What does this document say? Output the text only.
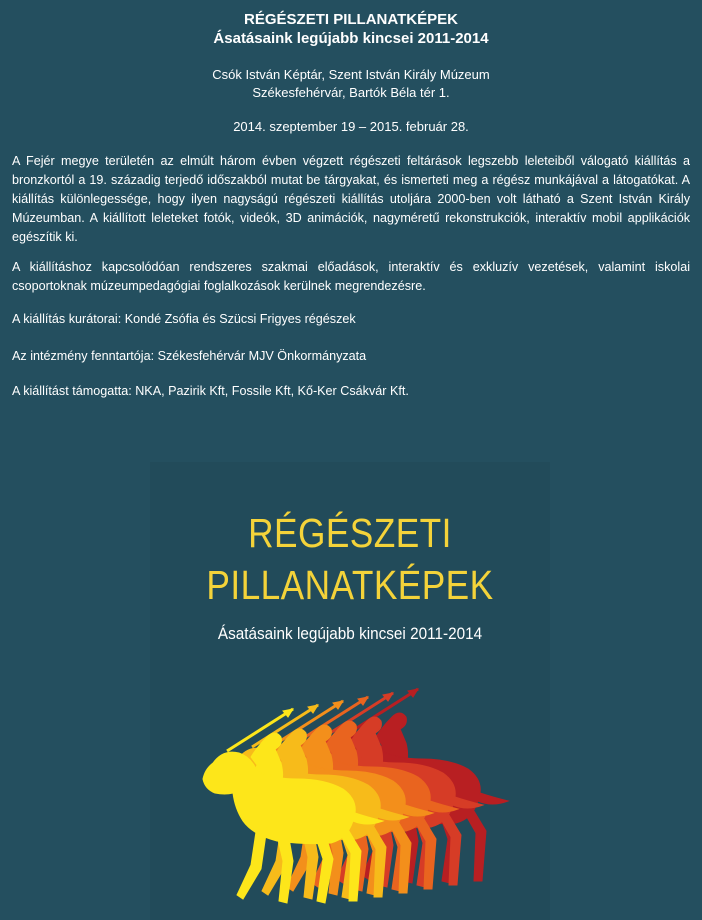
RÉGÉSZETI PILLANATKÉPEK

Ásatásaink legújabb kincsei 2011-2014

Csók István Képtár, Szent István Király Múzeum
Székesfehérvár, Bartók Béla tér 1.
2014. szeptember 19 – 2015. február 28.

A Fejér megye területén az elmúlt három évben végzett régészeti feltárások legszebb leleteiből válogató kiállítás a bronzkortól a 19. századig terjedő időszakból mutat be tárgyakat, és ismerteti meg a régész munkájával a látogatókat. A kiállítás különlegessége, hogy ilyen nagyságú régészeti kiállítás utoljára 2000-ben volt látható a Szent István Király Múzeumban. A kiállított leleteket fotók, videók, 3D animációk, nagyméretű rekonstrukciók, interaktív mobil applikációk egészítik ki.

A kiállításhoz kapcsolódóan rendszeres szakmai előadások, interaktív és exkluzív vezetések, valamint iskolai csoportoknak múzeumpedagógiai foglalkozások kerülnek megrendezésre.

A kiállítás kurátorai: Kondé Zsófia és Szücsi Frigyes régészek

Az intézmény fenntartója: Székesfehérvár MJV Önkormányzata

A kiállítást támogatta: NKA, Pazirik Kft, Fossile Kft, Kő-Ker Csákvár Kft.

RÉGÉSZETI
PILLANATKÉPEK
Ásatásaink legújabb kincsei 2011-2014
